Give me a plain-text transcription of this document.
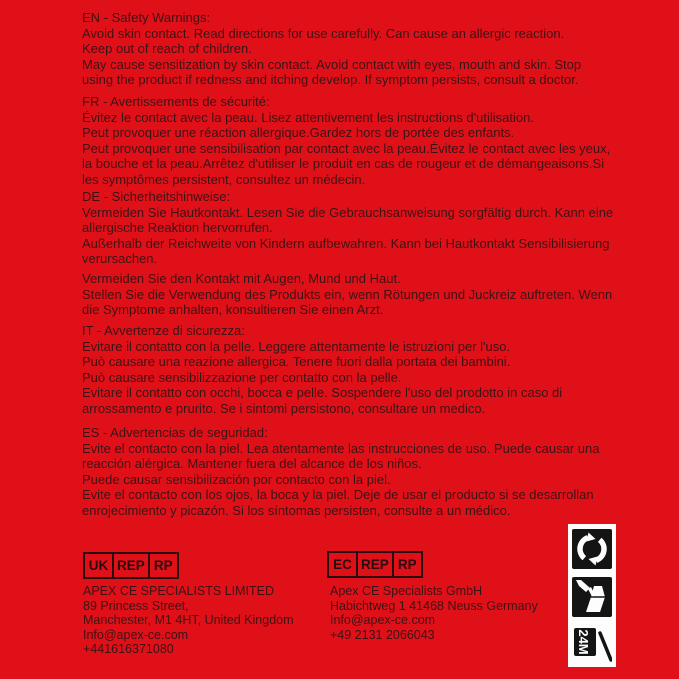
EN - Safety Warnings:
Avoid skin contact. Read directions for use carefully. Can cause an allergic reaction.
Keep out of reach of children.
May cause sensitization by skin contact. Avoid contact with eyes, mouth and skin. Stop
using the product if redness and itching develop. If symptom persists, consult a doctor.
FR - Avertissements de sécurité:
Évitez le contact avec la peau. Lisez attentivement les instructions d'utilisation.
Peut provoquer une réaction allergique.Gardez hors de portée des enfants.
Peut provoquer une sensibilisation par contact avec la peau.Évitez le contact avec les yeux,
la bouche et la peau.Arrêtez d'utiliser le produit en cas de rougeur et de démangeaisons.Si
les symptômes persistent, consultez un médecin.
DE - Sicherheitshinweise:
Vermeiden Sie Hautkontakt. Lesen Sie die Gebrauchsanweisung sorgfältig durch. Kann eine
allergische Reaktion hervorrufen.
Außerhalb der Reichweite von Kindern aufbewahren. Kann bei Hautkontakt Sensibilisierung
verursachen.
Vermeiden Sie den Kontakt mit Augen, Mund und Haut.
Stellen Sie die Verwendung des Produkts ein, wenn Rötungen und Juckreiz auftreten. Wenn
die Symptome anhalten, konsultieren Sie einen Arzt.
IT - Avvertenze di sicurezza:
Evitare il contatto con la pelle. Leggere attentamente le istruzioni per l'uso.
Può causare una reazione allergica. Tenere fuori dalla portata dei bambini.
Può causare sensibilizzazione per contatto con la pelle.
Evitare il contatto con occhi, bocca e pelle. Sospendere l'uso del prodotto in caso di
arrossamento e prurito. Se i sintomi persistono, consultare un medico.
ES - Advertencias de seguridad:
Evite el contacto con la piel. Lea atentamente las instrucciones de uso. Puede causar una
reacción alérgica. Mantener fuera del alcance de los niños.
Puede causar sensibilización por contacto con la piel.
Evite el contacto con los ojos, la boca y la piel. Deje de usar el producto si se desarrollan
enrojecimiento y picazón. Si los síntomas persisten, consulte a un médico.
UK REP RP
APEX CE SPECIALISTS LIMITED
89 Princess Street,
Manchester, M1 4HT, United Kingdom
Info@apex-ce.com
+441616371080
EC REP RP
Apex CE Specialists GmbH
Habichtweg 1 41468 Neuss Germany
Info@apex-ce.com
+49 2131 2066043	24M
